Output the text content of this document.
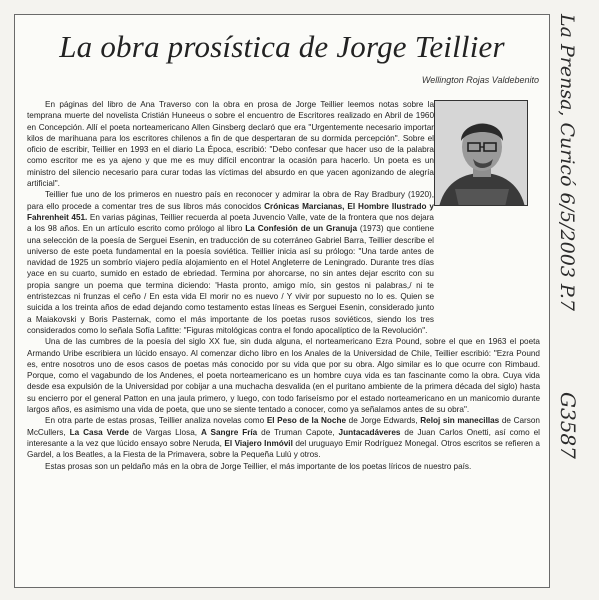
La obra prosística de Jorge Teillier
Wellington Rojas Valdebenito

En páginas del libro de Ana Traverso con la obra en prosa de Jorge Teillier leemos notas sobre la temprana muerte del novelista Cristián Huneeus o sobre el encuentro de Escritores realizado en Abril de 1960 en Concepción. Allí el poeta norteamericano Allen Ginsberg declaró que era "Urgentemente necesario importar kilos de marihuana para los escritores chilenos a fin de que despertaran de su dormida percepción". Sobre el oficio de escribir, Teillier en 1993 en el diario La Época, escribió: "Debo confesar que hacer uso de la palabra como escritor me es ya ajeno y que me es muy difícil encontrar la ocasión para hacerlo. Un poeta es un ministro del silencio necesario para curar todas las víctimas del absurdo en que yacen agonizando de alegría artificial".

Teillier fue uno de los primeros en nuestro país en reconocer y admirar la obra de Ray Bradbury (1920), para ello procede a comentar tres de sus libros más conocidos Crónicas Marcianas, El Hombre Ilustrado y Fahrenheit 451. En varias páginas, Teillier recuerda al poeta Juvencio Valle, vate de la frontera que nos dejara a los 98 años. En un artículo escrito como prólogo al libro La Confesión de un Granuja (1973) que contiene una selección de la poesía de Serguei Esenin, en traducción de su coterráneo Gabriel Barra, Teillier describe el universo de este poeta fundamental en la poesía soviética. Teillier inicia así su prólogo: "Una tarde antes de navidad de 1925 un sombrío viajero pedía alojamiento en el Hotel Angleterre de Leningrado. Durante tres días yace en su cuarto, sumido en estado de ebriedad. Termina por ahorcarse, no sin antes dejar escrito con su propia sangre un poema que termina diciendo: 'Hasta pronto, amigo mío, sin gestos ni palabras,/ ni te entristezcas ni frunzas el ceño / En esta vida El morir no es nuevo / Y vivir por supuesto no lo es. Quien se suicida a los treinta años de edad dejando como testamento estas líneas es Serguei Esenin, considerado junto a Maiakovski y Boris Pasternak, como el más importante de los poetas rusos soviéticos, siendo los tres considerados como lo señala Sofía Lafitte: "Figuras mitológicas contra el fondo apocalíptico de la Revolución".

Una de las cumbres de la poesía del siglo XX fue, sin duda alguna, el norteamericano Ezra Pound, sobre el que en 1963 el poeta Armando Uribe escribiera un lúcido ensayo. Al comenzar dicho libro en los Anales de la Universidad de Chile, Teillier escribió: "Ezra Pound es, entre nosotros uno de esos casos de poetas más conocido por su vida que por su obra. Algo similar es lo que ocurre con Rimbaud. Porque, como el vagabundo de los Andenes, el poeta norteamericano es un hombre cuya vida es tan fascinante como la obra. Cuya vida desde esa expulsión de la Universidad por cobijar a una muchacha desvalida (en el puritano ambiente de la primera década del siglo) hasta su encierro por el general Patton en una jaula primero, y luego, con todo fariseísmo por el estado norteamericano en un manicomio durante largos años, es asimismo una vida de poeta, que uno se siente tentado a conocer, como ya señalamos antes de su obra".

En otra parte de estas prosas, Teillier analiza novelas como El Peso de la Noche de Jorge Edwards, Reloj sin manecillas de Carson McCullers, La Casa Verde de Vargas Llosa, A Sangre Fría de Truman Capote, Juntacadáveres de Juan Carlos Onetti, así como el interesante a la vez que lúcido ensayo sobre Neruda, El Viajero Inmóvil del uruguayo Emir Rodríguez Monegal. Otros escritos se refieren a Gardel, a los Beatles, a la Fiesta de la Primavera, sobre la Pequeña Lulú y otros.

Estas prosas son un peldaño más en la obra de Jorge Teillier, el más importante de los poetas líricos de nuestro país.

La Prensa, Curicó 6/5/2003 P.7
G3587
